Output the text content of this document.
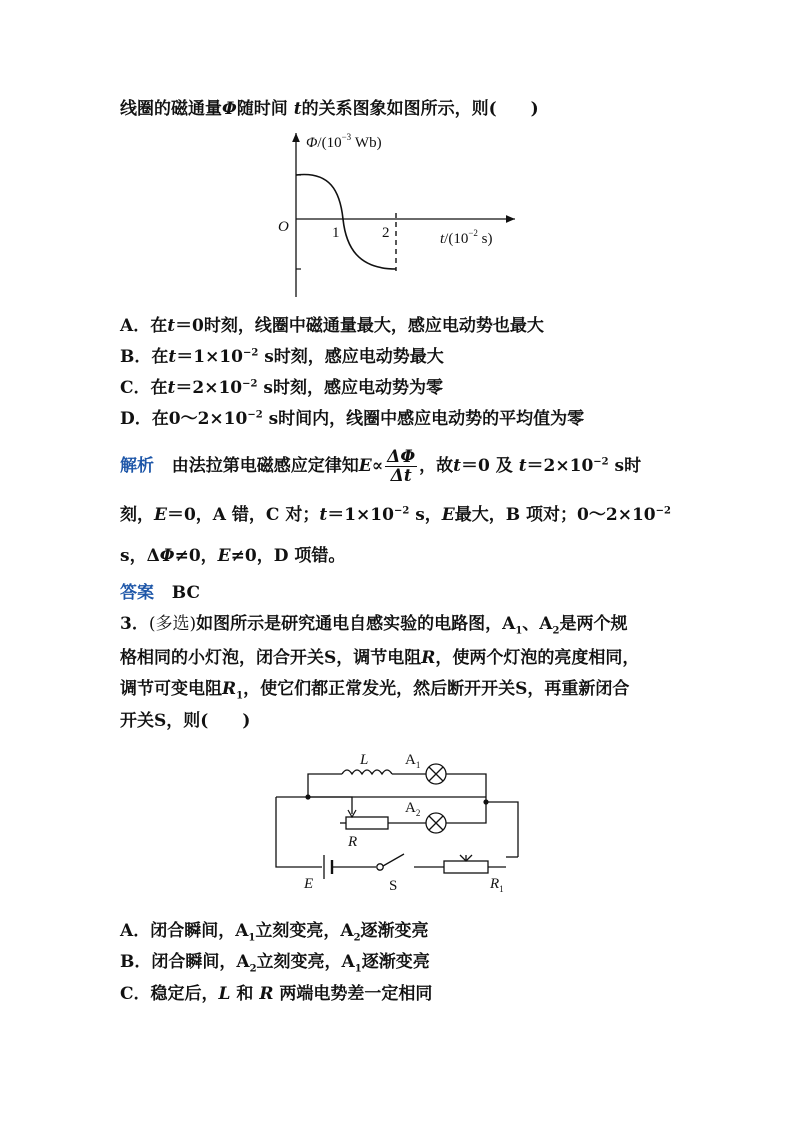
线圈的磁通量Φ随时间 t的关系图象如图所示，则(　　)
$\Phi/(10^{-3}$ Wb)
O	1	2	$t/(10^{-2}$ s)
A．在t＝0时刻，线圈中磁通量最大，感应电动势也最大
B．在$t=1\times 10^{-2}$ s时刻，感应电动势最大
C．在$t=2\times 10^{-2}$ s时刻，感应电动势为零
D．在$0\sim 2\times 10^{-2}$ s时间内，线圈中感应电动势的平均值为零
解析 由法拉第电磁感应定律知$E\propto \frac{\Delta\Phi}{\Delta t}$ ，故t＝0 及 $t=2\times 10^{-2}$ s时
刻，E＝0，A 错，C 对；$t=1\times 10^{-2}$ s，E最大，B 项对；$0\sim 2\times 10^{-2}$
s，ΔΦ≠0，E≠0，D 项错。
答案 BC
3．(多选)如图所示是研究通电自感实验的电路图，$A_1$、$A_2$是两个规
格相同的小灯泡，闭合开关S，调节电阻R，使两个灯泡的亮度相同，
调节可变电阻$R_1$，使它们都正常发光，然后断开开关S，再重新闭合
开关S，则(　　)
L $A_1$
$A_2$
R
E	S	$R_1$
A．闭合瞬间，$A_1$立刻变亮，$A_2$逐渐变亮
B．闭合瞬间，$A_2$立刻变亮，$A_1$逐渐变亮
C．稳定后，L 和 R 两端电势差一定相同
